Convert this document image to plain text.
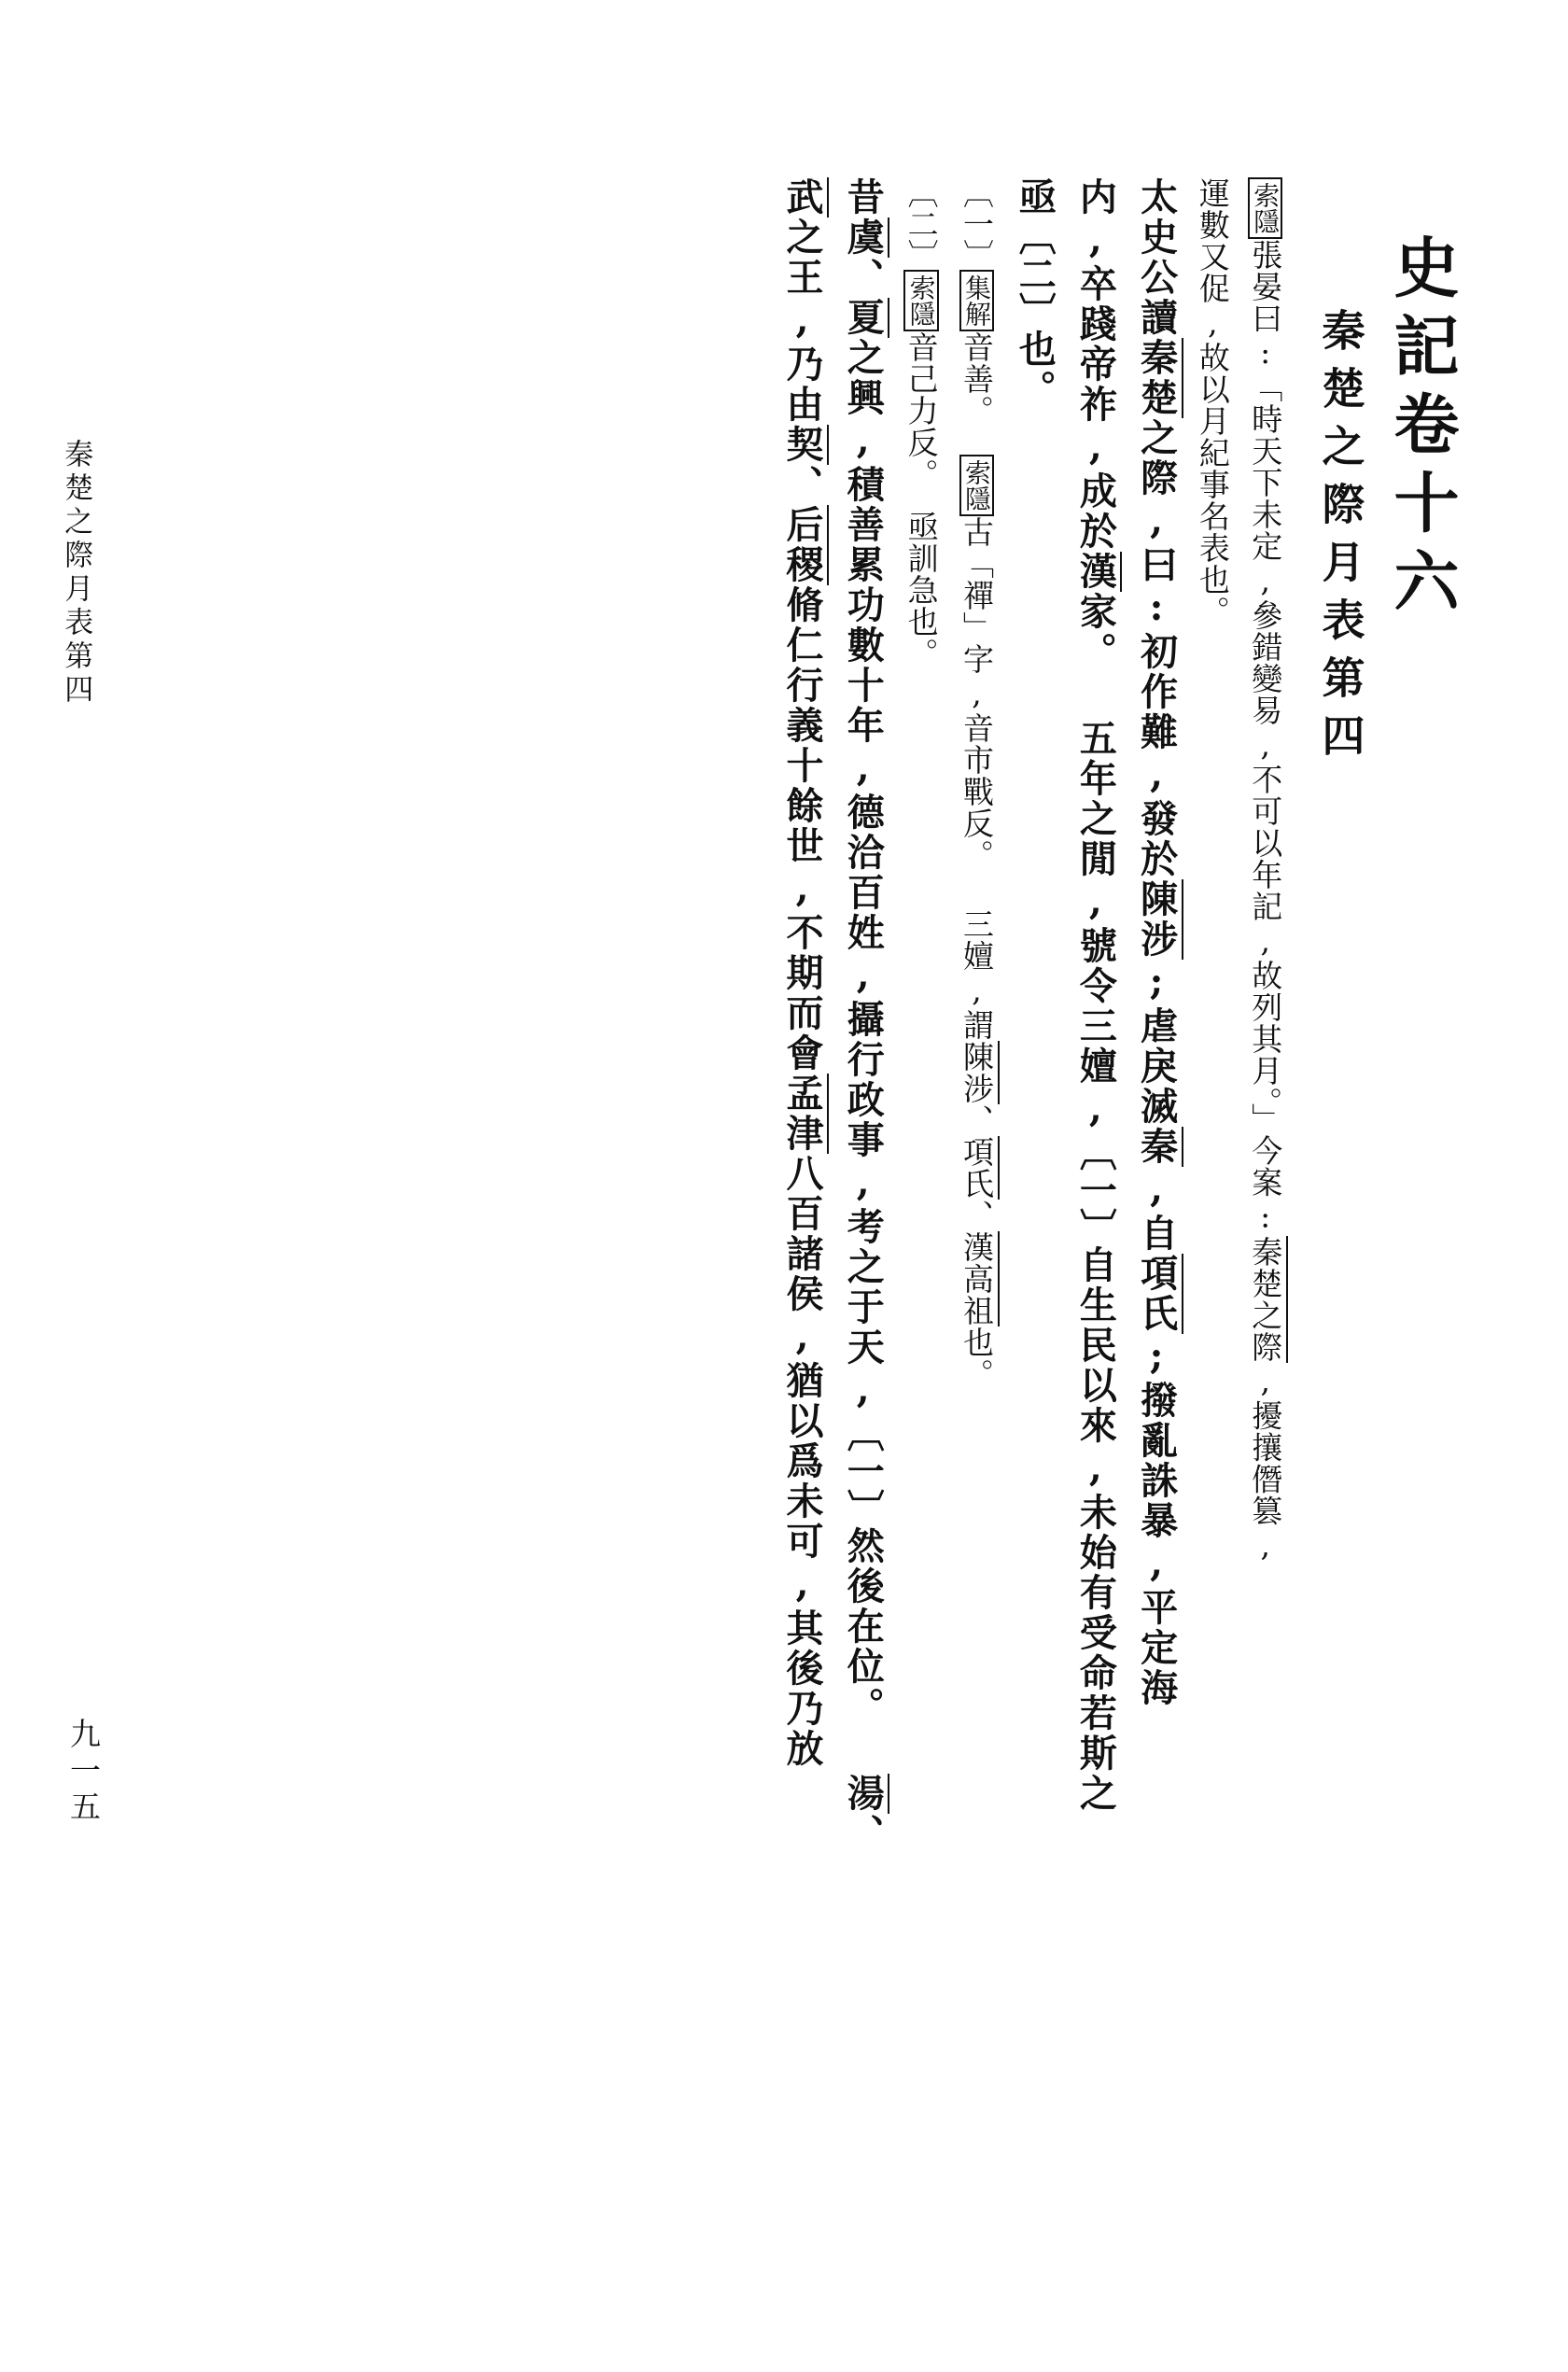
秦楚之際月表第四
九一五
史記卷十六
秦楚之際月表第四
索隱張晏曰:「時天下未定,參錯變易,不可以年記,故列其月。」今案:秦楚之際,擾攘僭篡,
運數又促,故以月紀事名表也。
太史公讀秦楚之際,曰:初作難,發於陳涉;虐戾滅秦,自項氏;撥亂誅暴,平定海
内,卒踐帝祚,成於漢家。 五年之閒,號令三嬗,〔一〕自生民以來,未始有受命若斯之
亟〔二〕也。
〔一〕集解音善。索隱古「禪」字,音市戰反。 三嬗,謂陳涉、項氏、漢高祖也。
〔二〕索隱音己力反。亟訓急也。
昔虞、夏之興,積善累功數十年,德洽百姓,攝行政事,考之于天,〔一〕然後在位。 湯、
武之王,乃由契、后稷脩仁行義十餘世,不期而會孟津八百諸侯,猶以爲未可,其後乃放
